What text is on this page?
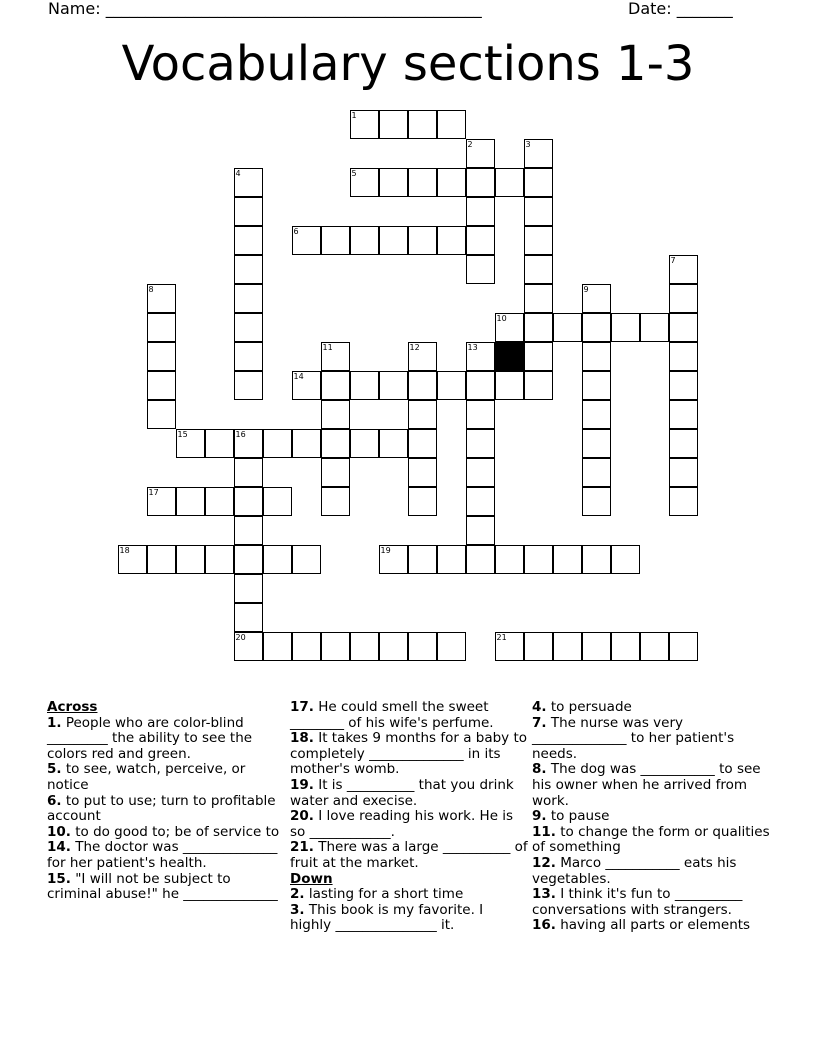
Name: _______________________________________________	Date: _______
Vocabulary sections 1-3
1
5
6
10
14
15	16
17
18	19
20	21
2	3
4
7
8	9
11	12	13
Across
1. People who are color-blind _________ the ability to see the colors red and green.
5. to see, watch, perceive, or notice
6. to put to use; turn to profitable account
10. to do good to; be of service to
14. The doctor was ______________ for her patient's health.
15. "I will not be subject to criminal abuse!" he ______________
17. He could smell the sweet ________ of his wife's perfume.
18. It takes 9 months for a baby to completely ______________ in its mother's womb.
19. It is __________ that you drink water and execise.
20. I love reading his work. He is so ____________.
21. There was a large __________ of fruit at the market.
Down
2. lasting for a short time
3. This book is my favorite. I highly _______________ it.
4. to persuade
7. The nurse was very ______________ to her patient's needs.
8. The dog was ___________ to see his owner when he arrived from work.
9. to pause
11. to change the form or qualities of something
12. Marco ___________ eats his vegetables.
13. I think it's fun to __________ conversations with strangers.
16. having all parts or elements
